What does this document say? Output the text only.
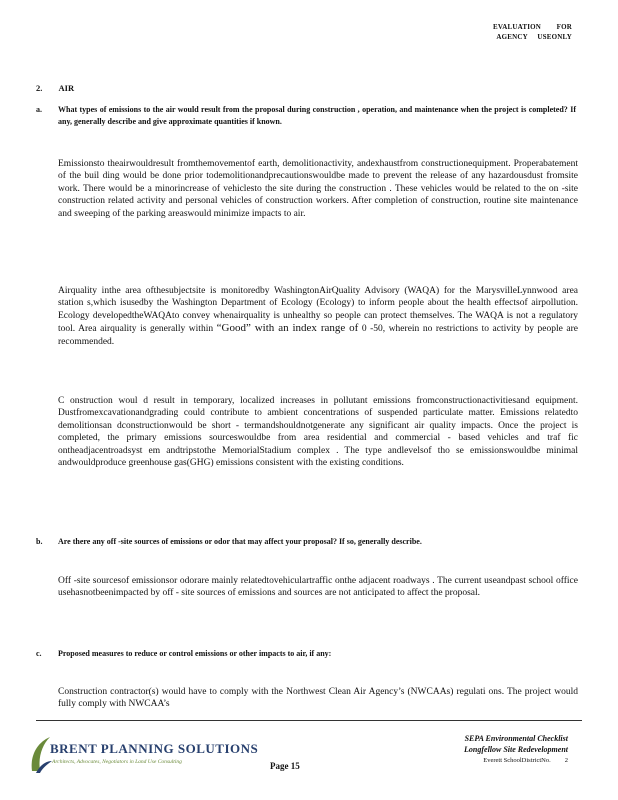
EVALUATION        FOR
AGENCY     USEONLY
2. AIR
a. What types of emissions to the air would result from the proposal during construction , operation, and maintenance when the project is completed? If any, generally describe and give approximate quantities if known.
Emissionsto theairwouldresult fromthemovementof earth, demolitionactivity, andexhaustfrom constructionequipment. Properabatement of the buil ding would be done prior todemolitionandprecautionswouldbe made to prevent the release of any hazardousdust fromsite work. There would be a minorincrease of vehiclesto the site during the construction . These vehicles would be related to the on -site construction related activity and personal vehicles of construction workers. After completion of construction, routine site maintenance and sweeping of the parking areaswould minimize impacts to air.
Airquality inthe area ofthesubjectsite is monitoredby WashingtonAirQuality Advisory (WAQA) for the MarysvilleLynnwood area station s,which isusedby the Washington Department of Ecology (Ecology) to inform people about the health effectsof airpollution. Ecology developedtheWAQAto convey whenairquality is unhealthy so people can protect themselves. The WAQA is not a regulatory tool. Area airquality is generally within “Good” with an index range of 0 -50, wherein no restrictions to activity by people are recommended.
C onstruction woul d result in temporary, localized increases in pollutant emissions fromconstructionactivitiesand equipment. Dustfromexcavationandgrading could contribute to ambient concentrations of suspended particulate matter. Emissions relatedto demolitionsan dconstructionwould be short - termandshouldnotgenerate any significant air quality impacts. Once the project is completed, the primary emissions sourceswouldbe from area residential and commercial - based vehicles and traf fic ontheadjacentroadsyst em andtripstothe MemorialStadium complex . The type andlevelsof tho se emissionswouldbe minimal andwouldproduce greenhouse gas(GHG) emissions consistent with the existing conditions.
b. Are there any off -site sources of emissions or odor that may affect your proposal? If so, generally describe.
Off -site sourcesof emissionsor odorare mainly relatedtovehiculartraffic onthe adjacent roadways . The current useandpast school office usehasnotbeenimpacted by off - site sources of emissions and sources are not anticipated to affect the proposal.
c. Proposed measures to reduce or control emissions or other impacts to air, if any:
Construction contractor(s) would have to comply with the Northwest Clean Air Agency’s (NWCAAs) regulati ons. The project would fully comply with NWCAA’s
BRENT PLANNING SOLUTIONS
Architects, Advocates, Negotiators in Land Use Consulting	Page 15
SEPA Environmental Checklist
Longfellow Site Redevelopment
Everett SchoolDistrictNo. 2
